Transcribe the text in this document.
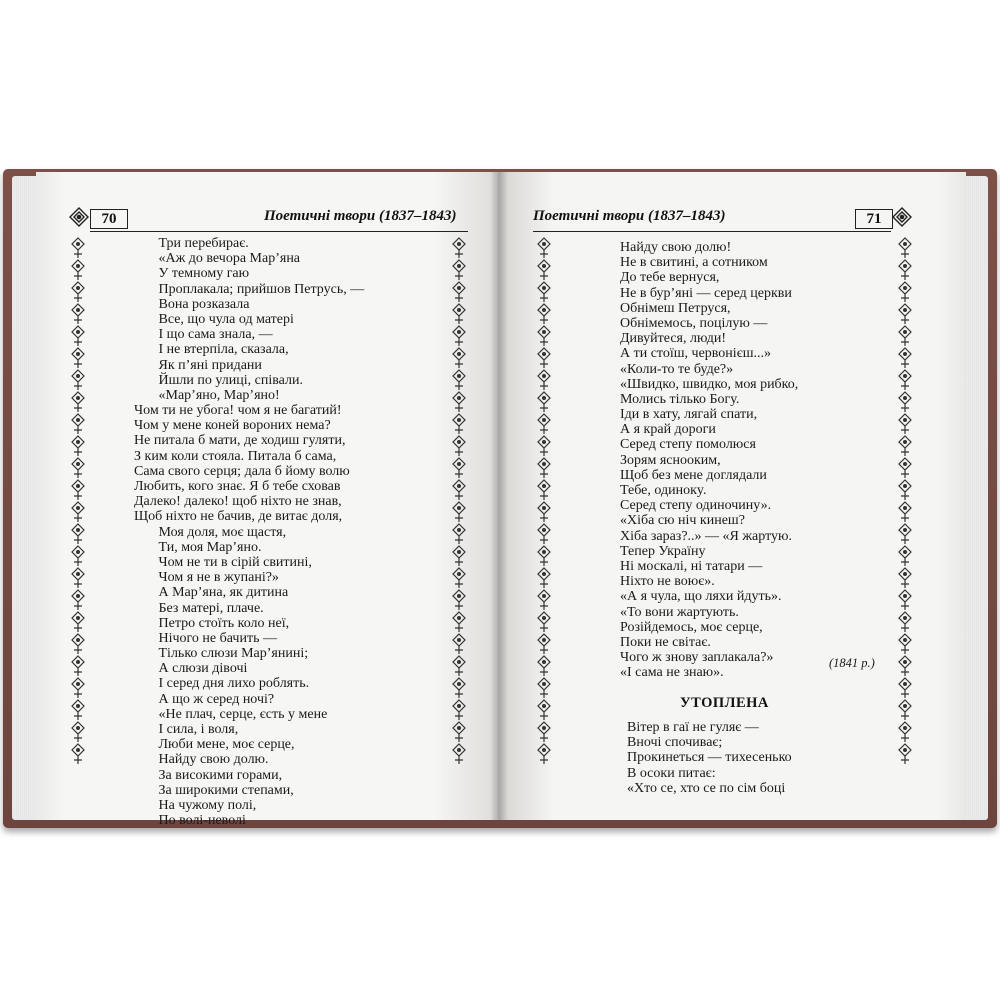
70	Поетичні твори (1837–1843)	Поетичні твори (1837–1843)	71
Три перебирає.
«Аж до вечора Мар’яна
У темному гаю
Проплакала; прийшов Петрусь, —
Вона розказала
Все, що чула од матері
І що сама знала, —
І не втерпіла, сказала,
Як п’яні придани
Йшли по улиці, співали.
«Мар’яно, Мар’яно!
Чом ти не убога! чом я не багатий!
Чом у мене коней вороних нема?
Не питала б мати, де ходиш гуляти,
З ким коли стояла. Питала б сама,
Сама свого серця; дала б йому волю
Любить, кого знає. Я б тебе сховав
Далеко! далеко! щоб ніхто не знав,
Щоб ніхто не бачив, де витає доля,
Моя доля, моє щастя,
Ти, моя Мар’яно.
Чом не ти в сірій свитині,
Чом я не в жупані?»
А Мар’яна, як дитина
Без матері, плаче.
Петро стоїть коло неї,
Нічого не бачить —
Тілько слюзи Мар’янині;
А слюзи дівочі
І серед дня лихо роблять.
А що ж серед ночі?
«Не плач, серце, єсть у мене
І сила, і воля,
Люби мене, моє серце,
Найду свою долю.
За високими горами,
За широкими степами,
На чужому полі,
По волі-неволі
Найду свою долю!
Не в свитині, а сотником
До тебе вернуся,
Не в бур’яні — серед церкви
Обнімеш Петруся,
Обнімемось, поцілую —
Дивуйтеся, люди!
А ти стоїш, червонієш...»
«Коли-то те буде?»
«Швидко, швидко, моя рибко,
Молись тілько Богу.
Іди в хату, лягай спати,
А я край дороги
Серед степу помолюся
Зорям яснооким,
Щоб без мене доглядали
Тебе, одинокy.
Серед степу одиночину».
«Хіба сю ніч кинеш?
Хіба зараз?..» — «Я жартую.
Тепер Україну
Ні москалі, ні татари —
Ніхто не воює».
«А я чула, що ляхи йдуть».
«То вони жартують.
Розійдемось, моє серце,
Поки не світає.
Чого ж знову заплакала?»
«І сама не знаю».
(1841 р.)
УТОПЛЕНА
Вітер в гаї не гуляє —
Вночі спочиває;
Прокинеться — тихесенько
В осоки питає:
«Хто се, хто се по сім боці
